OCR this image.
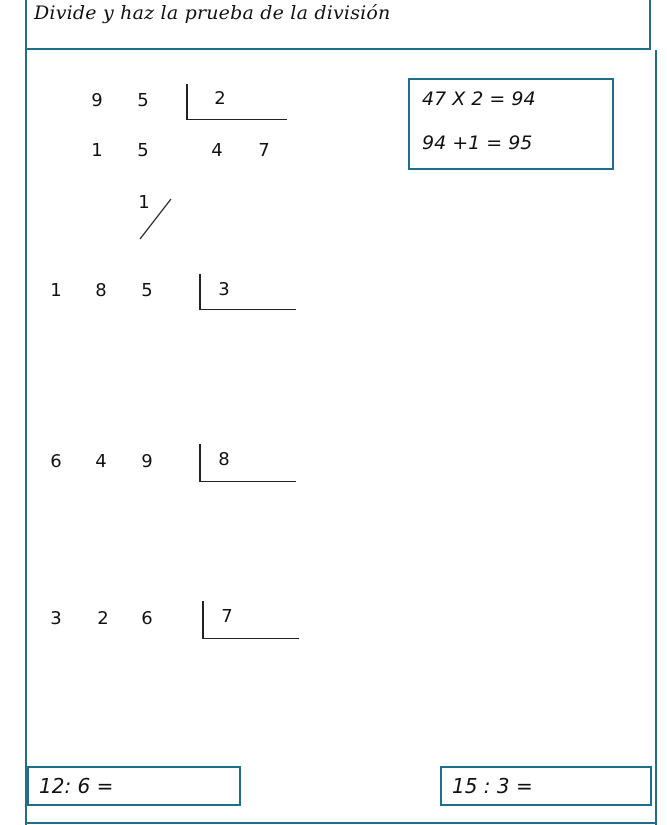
Divide y haz la prueba de la división
9 5	2
1 5	4 7
1
47 X 2 = 94
94 +1 = 95
1 8 5	3
6 4 9	8
3 2 6	7
12: 6 =	15 : 3 =
